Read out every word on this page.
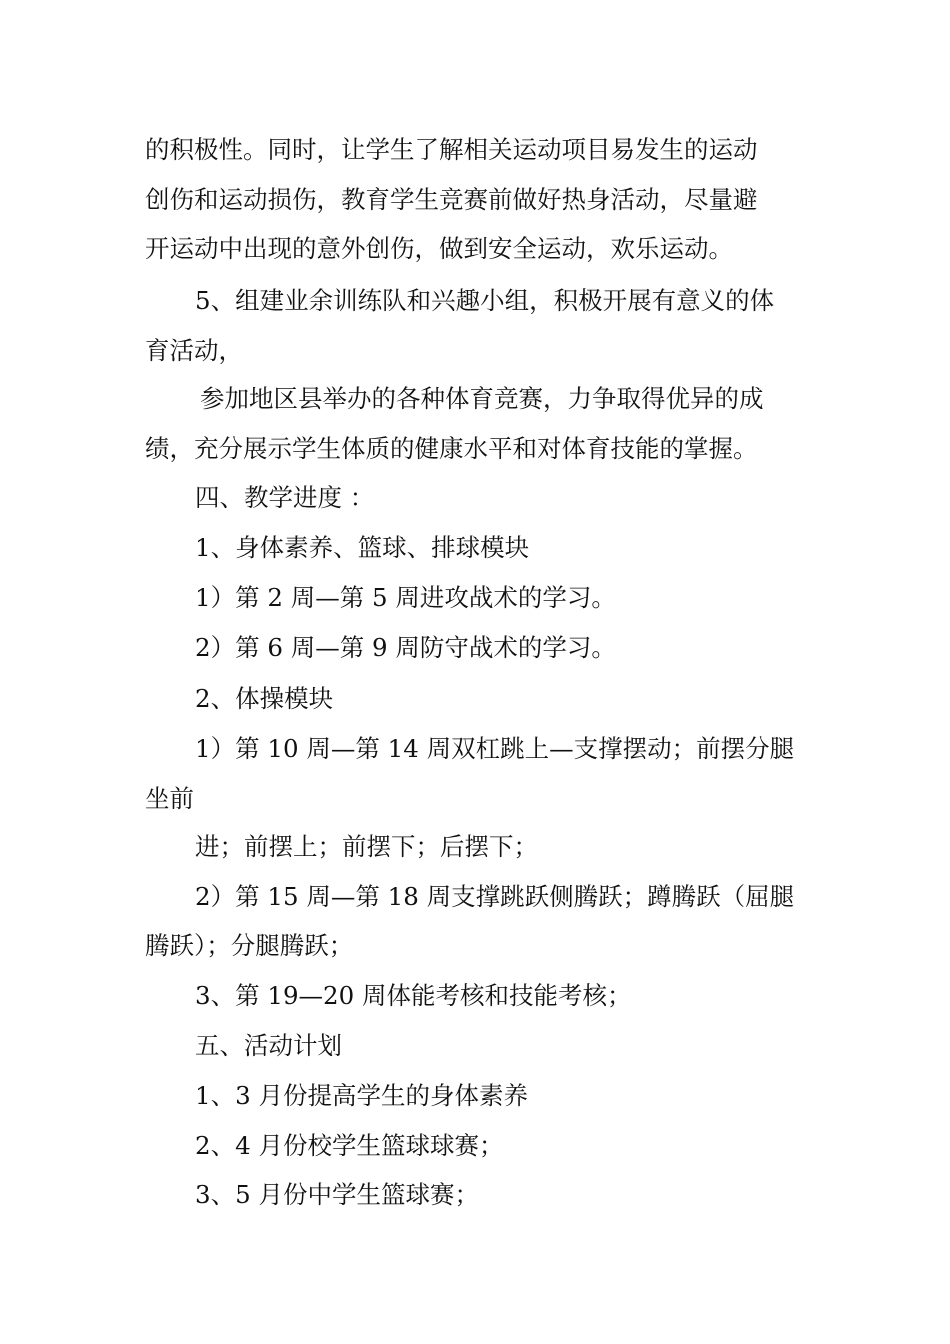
的积极性。同时，让学生了解相关运动项目易发生的运动

创伤和运动损伤，教育学生竞赛前做好热身活动，尽量避

开运动中出现的意外创伤，做到安全运动，欢乐运动。

5、组建业余训练队和兴趣小组，积极开展有意义的体

育活动，

参加地区县举办的各种体育竞赛，力争取得优异的成

绩，充分展示学生体质的健康水平和对体育技能的掌握。

四、教学进度 ：

1、身体素养、篮球、排球模块

1）第 2 周—第 5 周进攻战术的学习。

2）第 6 周—第 9 周防守战术的学习。

2、体操模块

1）第 10 周—第 14 周双杠跳上—支撑摆动；前摆分腿

坐前

进；前摆上；前摆下；后摆下；

2）第 15 周—第 18 周支撑跳跃侧腾跃；蹲腾跃（屈腿

腾跃）；分腿腾跃；

3、第 19—20 周体能考核和技能考核；

五、活动计划

1、3 月份提高学生的身体素养

2、4 月份校学生篮球球赛；

3、5 月份中学生篮球赛；
